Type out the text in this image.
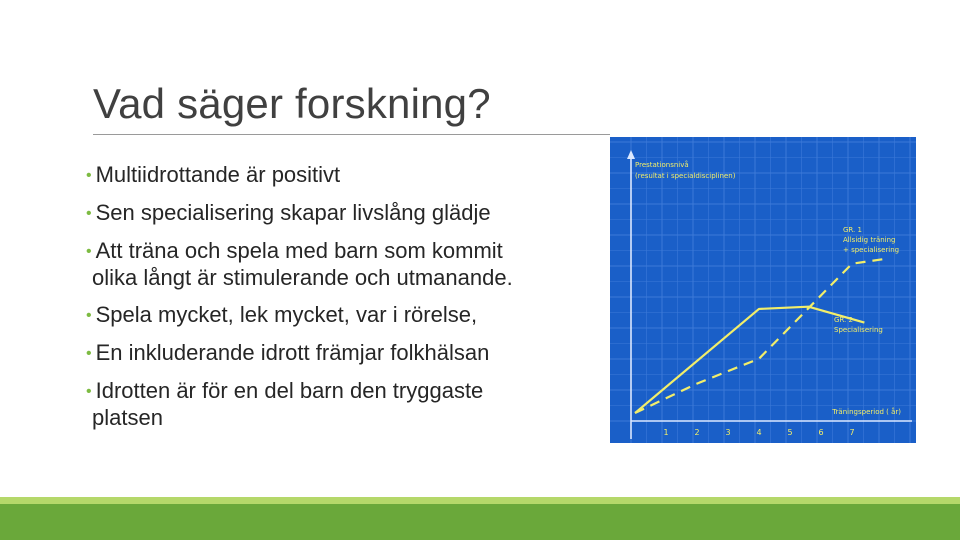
Vad säger forskning?
• Multiidrottande är positivt
• Sen specialisering skapar livslång glädje
• Att träna och spela med barn som kommit
olika långt är stimulerande och utmanande.
• Spela mycket, lek mycket, var i rörelse,
• En inkluderande idrott främjar folkhälsan
• Idrotten är för en del barn den tryggaste
platsen
Prestationsnivå
(resultat i specialdisciplinen)
Träningsperiod ( år)
1	2	3	4	5	6	7
GR. 1
Allsidig träning
+ specialisering
GR. 2
Specialisering
